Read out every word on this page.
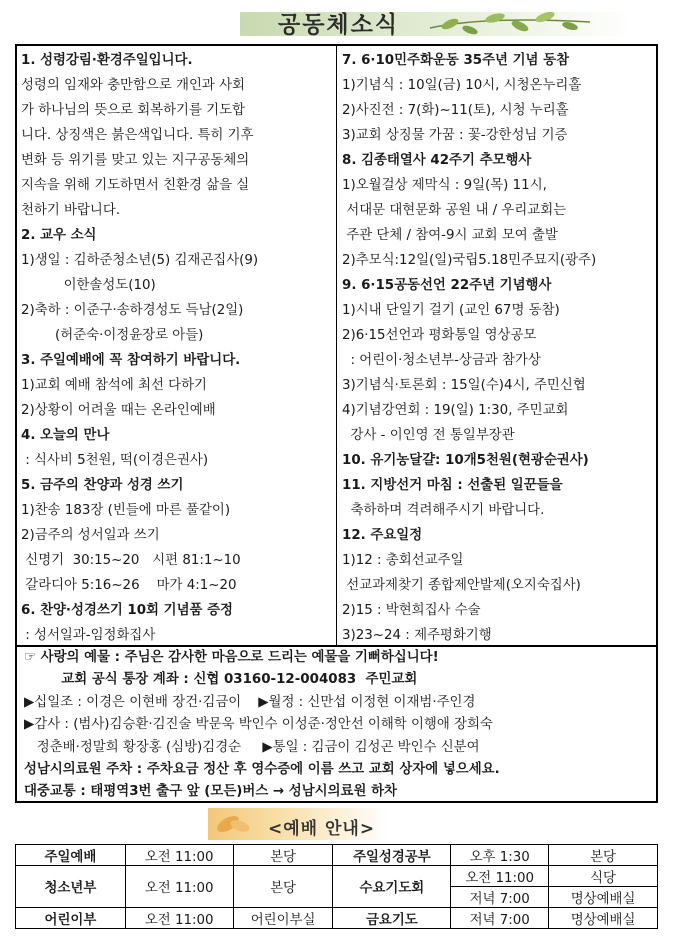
공동체소식
1. 성령강림·환경주일입니다.
성령의 임재와 충만함으로 개인과 사회
가 하나님의 뜻으로 회복하기를 기도합
니다. 상징색은 붉은색입니다. 특히 기후
변화 등 위기를 맞고 있는 지구공동체의
지속을 위해 기도하면서 친환경 삶을 실
천하기 바랍니다.
2. 교우 소식
1)생일 : 김하준청소년(5) 김재곤집사(9)
이한솔성도(10)
2)축하 : 이준구·송하경성도 득남(2일)
(허준숙·이정윤장로 아들)
3. 주일예배에 꼭 참여하기 바랍니다.
1)교회 예배 참석에 최선 다하기
2)상황이 어려울 때는 온라인예배
4. 오늘의 만나
: 식사비 5천원, 떡(이경은권사)
5. 금주의 찬양과 성경 쓰기
1)찬송 183장 (빈들에 마른 풀같이)
2)금주의 성서일과 쓰기
신명기  30:15~20   시편 81:1~10
갈라디아 5:16~26    마가 4:1~20
6. 찬양·성경쓰기 10회 기념품 증정
: 성서일과-임정화집사
7. 6·10민주화운동 35주년 기념 동참
1)기념식 : 10일(금) 10시, 시청온누리홀
2)사진전 : 7(화)~11(토), 시청 누리홀
3)교회 상징물 가꿈 : 꽃-강한성님 기증
8. 김종태열사 42주기 추모행사
1)오월걸상 제막식 : 9일(목) 11시,
서대문 대현문화 공원 내 / 우리교회는
주관 단체 / 참여-9시 교회 모여 출발
2)추모식:12일(일)국립5.18민주묘지(광주)
9. 6·15공동선언 22주년 기념행사
1)시내 단일기 걸기 (교인 67명 동참)
2)6·15선언과 평화통일 영상공모
: 어린이·청소년부-상금과 참가상
3)기념식·토론회 : 15일(수)4시, 주민신협
4)기념강연회 : 19(일) 1:30, 주민교회
강사 - 이인영 전 통일부장관
10. 유기농달걀: 10개5천원(현광순권사)
11. 지방선거 마침 : 선출된 일꾼들을
축하하며 격려해주시기 바랍니다.
12. 주요일정
1)12 : 총회선교주일
선교과제찾기 종합제안발제(오지숙집사)
2)15 : 박현희집사 수술
3)23~24 : 제주평화기행
☞ 사랑의 예물 : 주님은 감사한 마음으로 드리는 예물을 기뻐하십니다!
교회 공식 통장 계좌 : 신협 03160-12-004083  주민교회
▶십일조 : 이경은 이현배 장건·김금이    ▶월정 : 신만섭 이정현 이재범·주인경
▶감사 : (범사)김승환·김진술 박문욱 박인수 이성준·정안선 이해학 이행애 장희숙
정춘배·정말희 황장홍 (심방)김경순     ▶통일 : 김금이 김성곤 박인수 신분여
성남시의료원 주차 : 주차요금 정산 후 영수증에 이름 쓰고 교회 상자에 넣으세요.
대중교통 : 태평역3번 출구 앞 (모든)버스 → 성남시의료원 하차
<예배 안내>
주일예배	오전 11:00	본당	주일성경공부	오후 1:30	본당
청소년부	오전 11:00	본당	수요기도회	오전 11:00	식당
				저녁 7:00	명상예배실
어린이부	오전 11:00	어린이부실	금요기도	저녁 7:00	명상예배실
